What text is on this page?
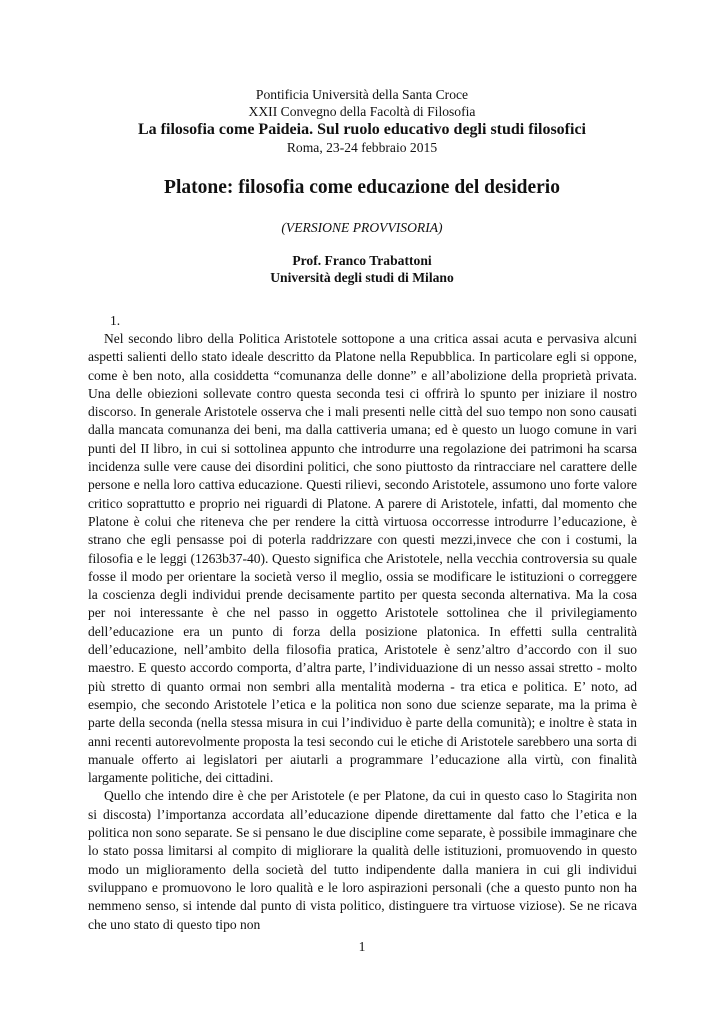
Pontificia Università della Santa Croce
XXII Convegno della Facoltà di Filosofia
La filosofia come Paideia. Sul ruolo educativo degli studi filosofici
Roma, 23-24 febbraio 2015
Platone: filosofia come educazione del desiderio
(VERSIONE PROVVISORIA)
Prof. Franco Trabattoni
Università degli studi di Milano
1.

Nel secondo libro della Politica Aristotele sottopone a una critica assai acuta e pervasiva alcuni aspetti salienti dello stato ideale descritto da Platone nella Repubblica. In particolare egli si oppone, come è ben noto, alla cosiddetta “comunanza delle donne” e all’abolizione della proprietà privata. Una delle obiezioni sollevate contro questa seconda tesi ci offrirà lo spunto per iniziare il nostro discorso. In generale Aristotele osserva che i mali presenti nelle città del suo tempo non sono causati dalla mancata comunanza dei beni, ma dalla cattiveria umana; ed è questo un luogo comune in vari punti del II libro, in cui si sottolinea appunto che introdurre una regolazione dei patrimoni ha scarsa incidenza sulle vere cause dei disordini politici, che sono piuttosto da rintracciare nel carattere delle persone e nella loro cattiva educazione. Questi rilievi, secondo Aristotele, assumono uno forte valore critico soprattutto e proprio nei riguardi di Platone. A parere di Aristotele, infatti, dal momento che Platone è colui che riteneva che per rendere la città virtuosa occorresse introdurre l’educazione, è strano che egli pensasse poi di poterla raddrizzare con questi mezzi,invece che con i costumi, la filosofia e le leggi (1263b37-40). Questo significa che Aristotele, nella vecchia controversia su quale fosse il modo per orientare la società verso il meglio, ossia se modificare le istituzioni o correggere la coscienza degli individui prende decisamente partito per questa seconda alternativa. Ma la cosa per noi interessante è che nel passo in oggetto Aristotele sottolinea che il privilegiamento dell’educazione era un punto di forza della posizione platonica. In effetti sulla centralità dell’educazione, nell’ambito della filosofia pratica, Aristotele è senz’altro d’accordo con il suo maestro. E questo accordo comporta, d’altra parte, l’individuazione di un nesso assai stretto - molto più stretto di quanto ormai non sembri alla mentalità moderna - tra etica e politica. E’ noto, ad esempio, che secondo Aristotele l’etica e la politica non sono due scienze separate, ma la prima è parte della seconda (nella stessa misura in cui l’individuo è parte della comunità); e inoltre è stata in anni recenti autorevolmente proposta la tesi secondo cui le etiche di Aristotele sarebbero una sorta di manuale offerto ai legislatori per aiutarli a programmare l’educazione alla virtù, con finalità largamente politiche, dei cittadini.

Quello che intendo dire è che per Aristotele (e per Platone, da cui in questo caso lo Stagirita non si discosta) l’importanza accordata all’educazione dipende direttamente dal fatto che l’etica e la politica non sono separate. Se si pensano le due discipline come separate, è possibile immaginare che lo stato possa limitarsi al compito di migliorare la qualità delle istituzioni, promuovendo in questo modo un miglioramento della società del tutto indipendente dalla maniera in cui gli individui sviluppano e promuovono le loro qualità e le loro aspirazioni personali (che a questo punto non ha nemmeno senso, si intende dal punto di vista politico, distinguere tra virtuose viziose). Se ne ricava che uno stato di questo tipo non

1
